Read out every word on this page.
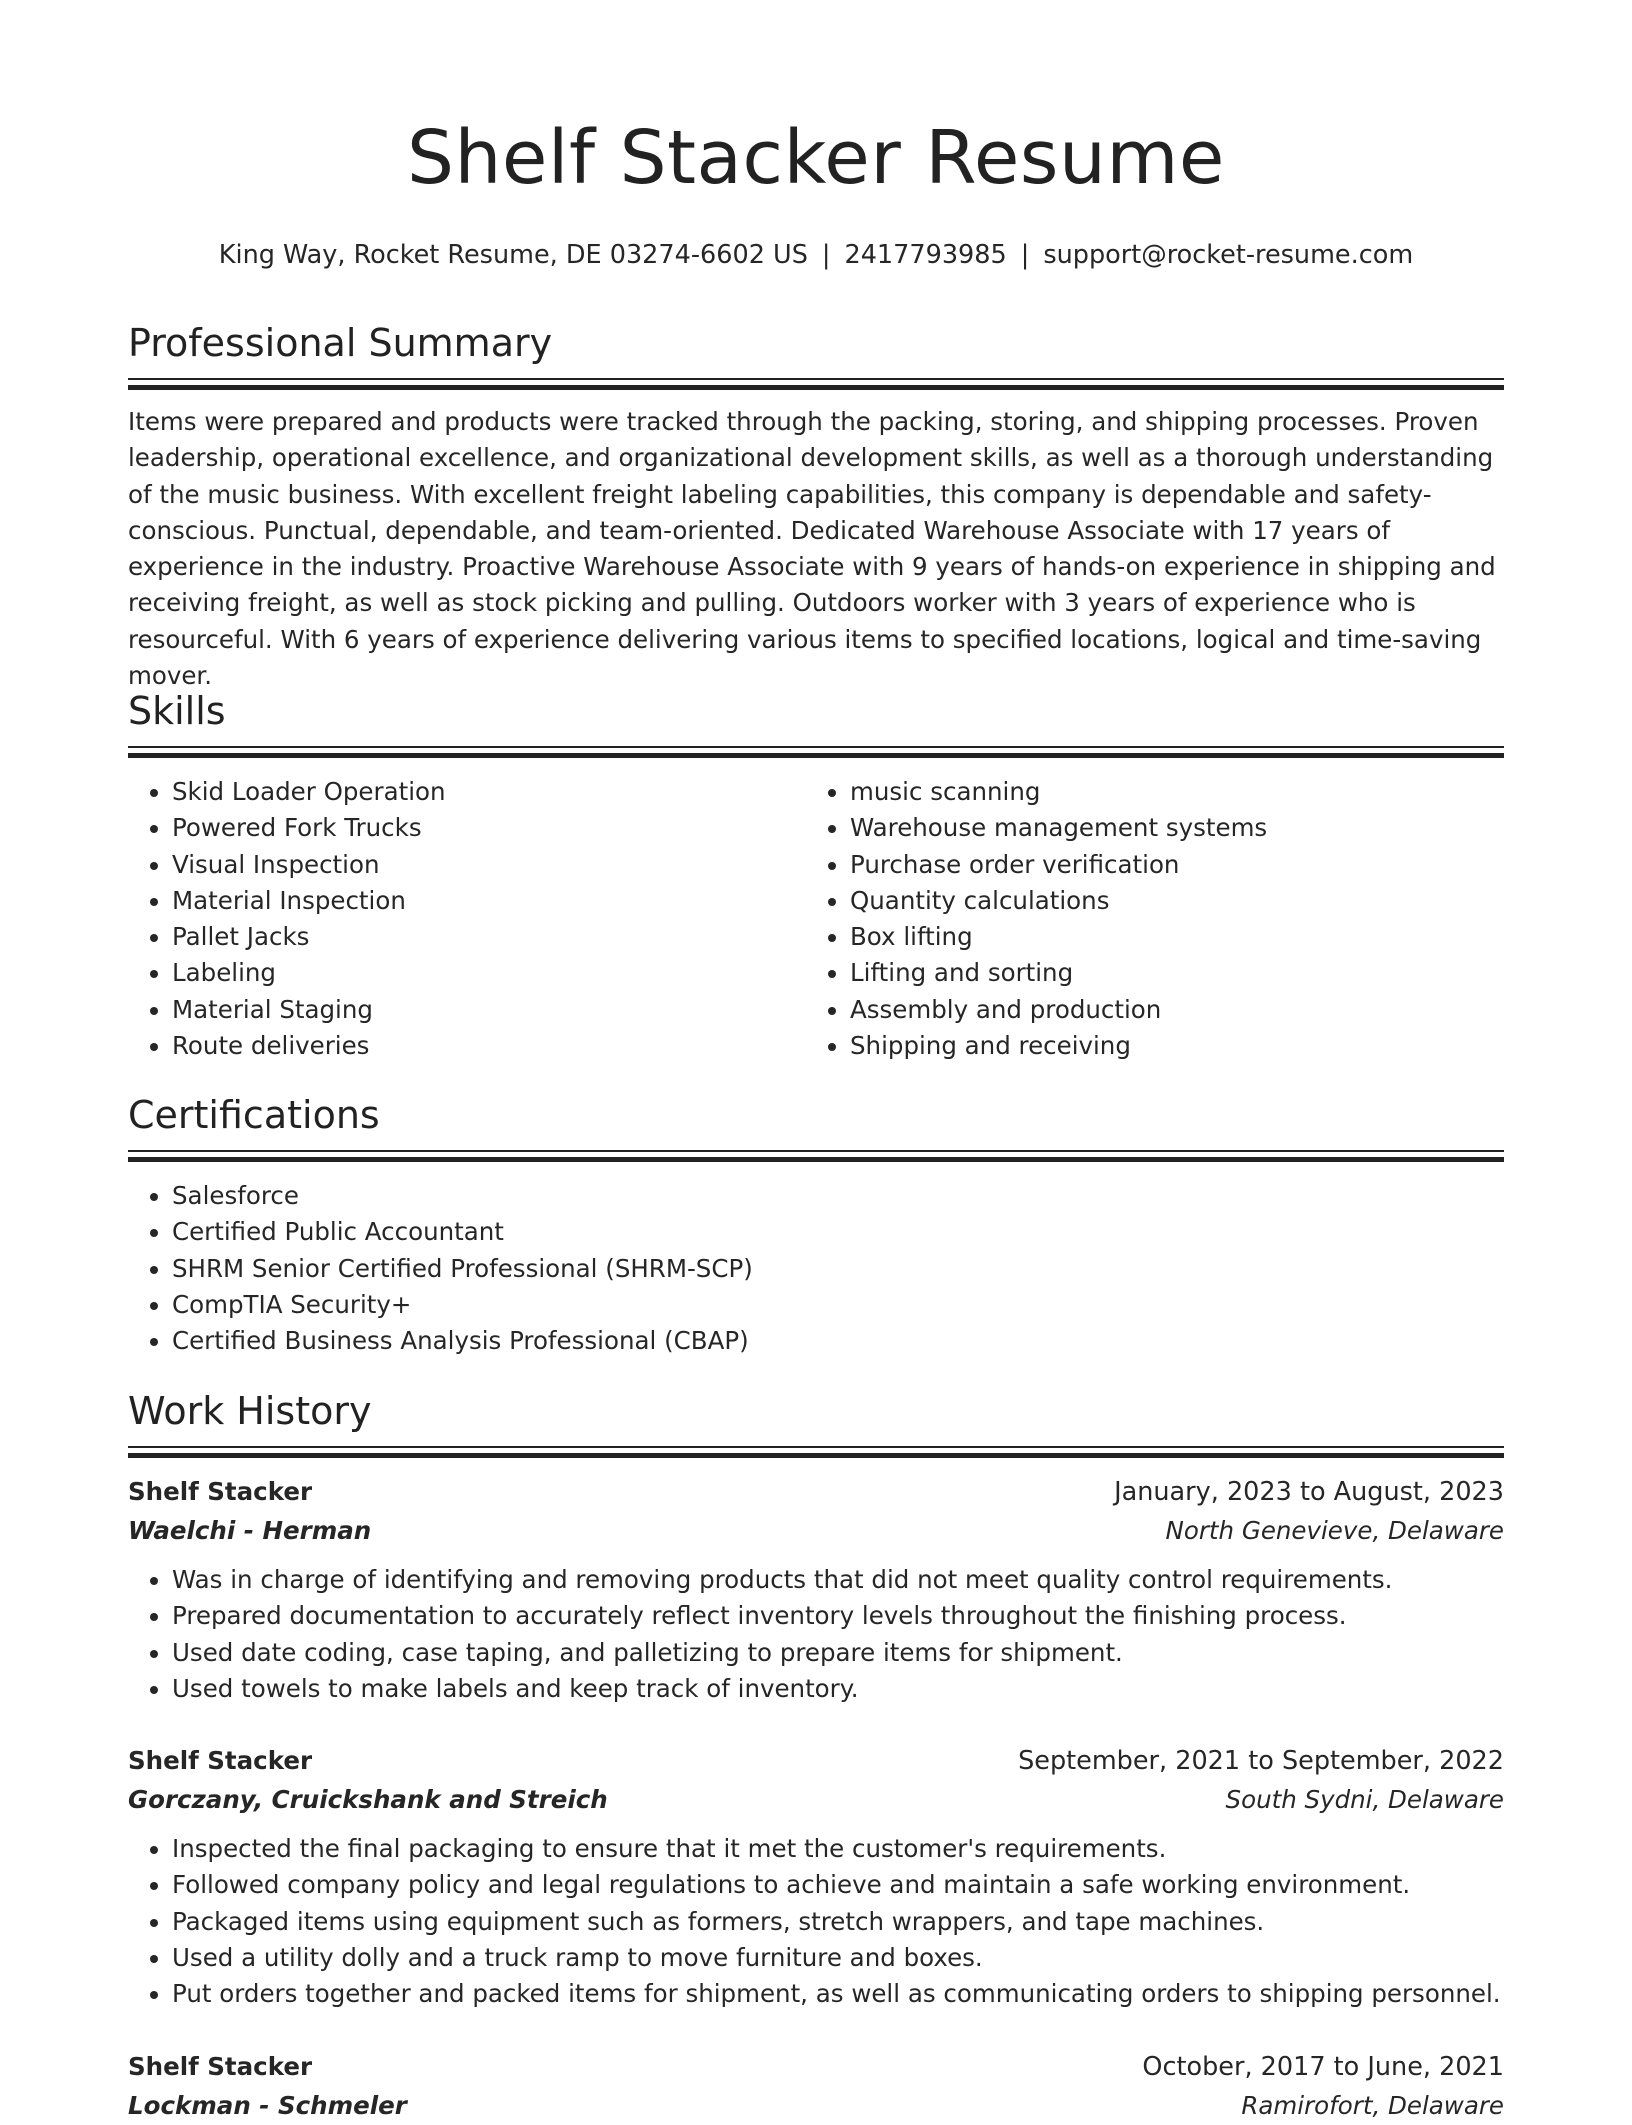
Shelf Stacker Resume
King Way, Rocket Resume, DE 03274-6602 US | 2417793985 | support@rocket-resume.com
Professional Summary

Items were prepared and products were tracked through the packing, storing, and shipping processes. Proven leadership, operational excellence, and organizational development skills, as well as a thorough understanding of the music business. With excellent freight labeling capabilities, this company is dependable and safety-conscious. Punctual, dependable, and team-oriented. Dedicated Warehouse Associate with 17 years of experience in the industry. Proactive Warehouse Associate with 9 years of hands-on experience in shipping and receiving freight, as well as stock picking and pulling. Outdoors worker with 3 years of experience who is resourceful. With 6 years of experience delivering various items to specified locations, logical and time-saving mover.

Skills
• Skid Loader Operation
• Powered Fork Trucks
• Visual Inspection
• Material Inspection
• Pallet Jacks
• Labeling
• Material Staging
• Route deliveries
• music scanning
• Warehouse management systems
• Purchase order verification
• Quantity calculations
• Box lifting
• Lifting and sorting
• Assembly and production
• Shipping and receiving
Certifications
• Salesforce
• Certified Public Accountant
• SHRM Senior Certified Professional (SHRM-SCP)
• CompTIA Security+
• Certified Business Analysis Professional (CBAP)
Work History
Shelf Stacker	January, 2023 to August, 2023
Waelchi - Herman	North Genevieve, Delaware
• Was in charge of identifying and removing products that did not meet quality control requirements.
• Prepared documentation to accurately reflect inventory levels throughout the finishing process.
• Used date coding, case taping, and palletizing to prepare items for shipment.
• Used towels to make labels and keep track of inventory.
Shelf Stacker	September, 2021 to September, 2022
Gorczany, Cruickshank and Streich	South Sydni, Delaware
• Inspected the final packaging to ensure that it met the customer's requirements.
• Followed company policy and legal regulations to achieve and maintain a safe working environment.
• Packaged items using equipment such as formers, stretch wrappers, and tape machines.
• Used a utility dolly and a truck ramp to move furniture and boxes.
• Put orders together and packed items for shipment, as well as communicating orders to shipping personnel.
Shelf Stacker	October, 2017 to June, 2021
Lockman - Schmeler	Ramirofort, Delaware
